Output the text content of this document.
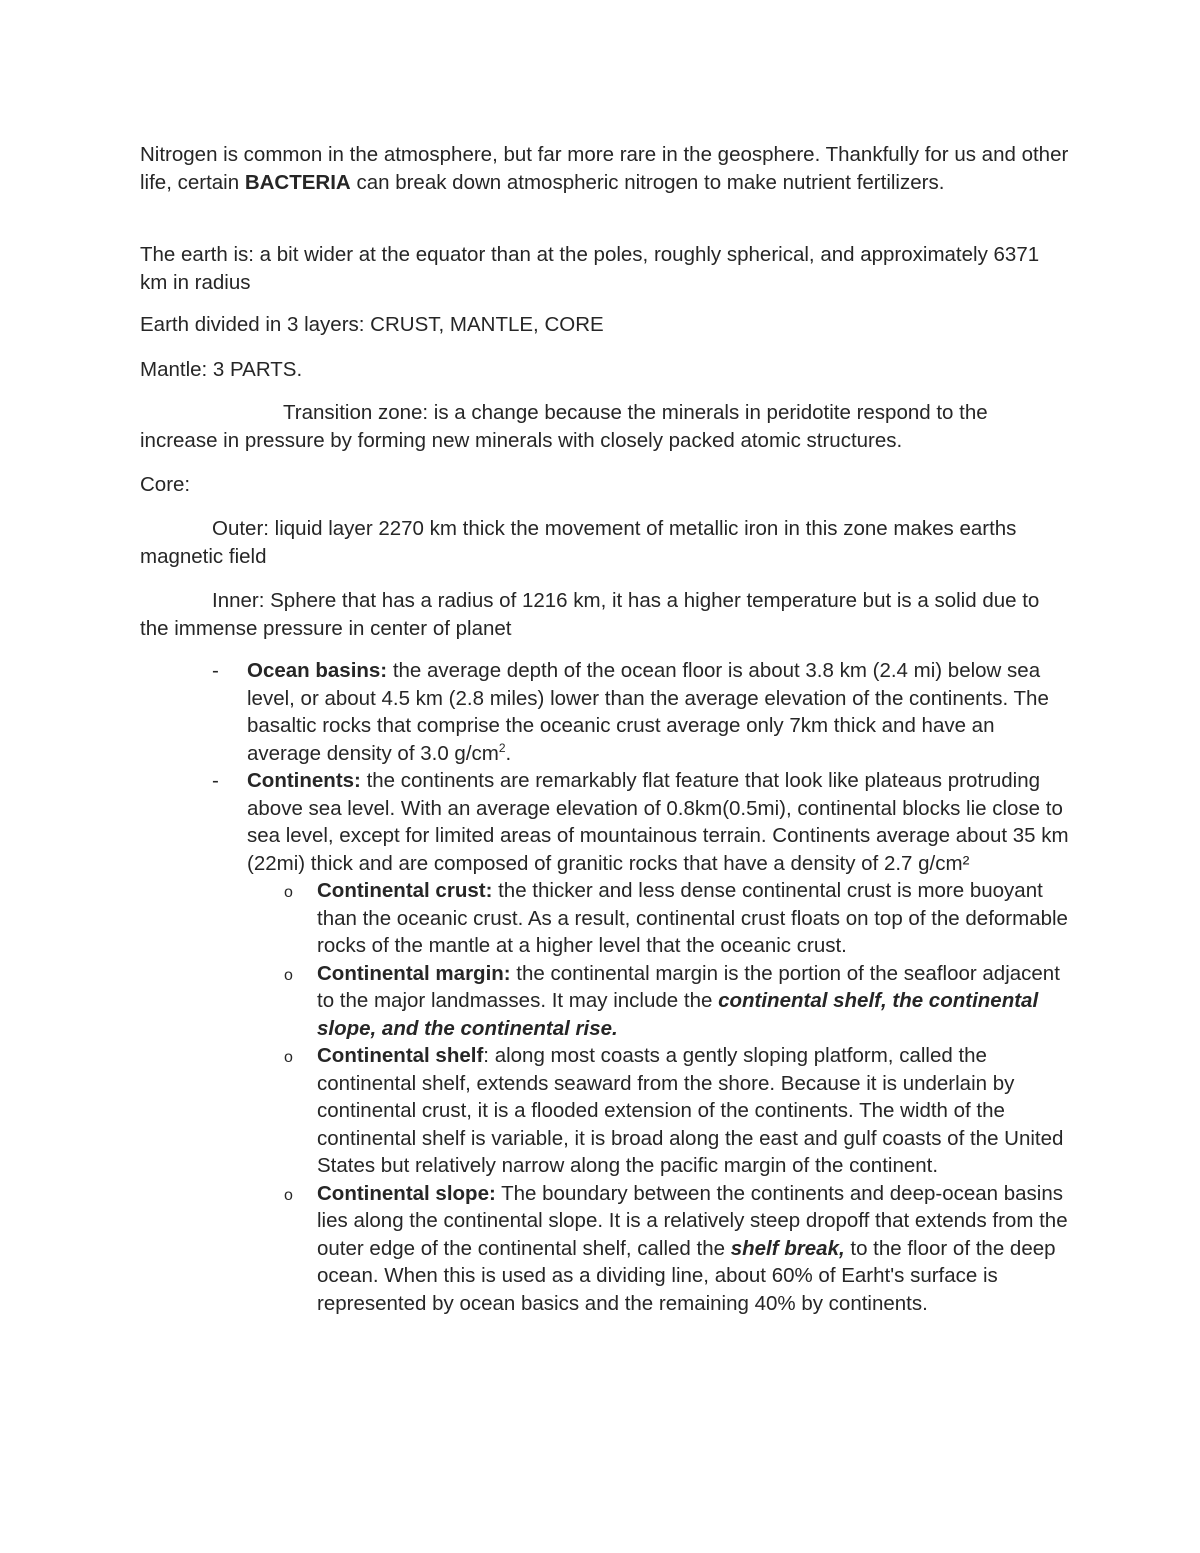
Nitrogen is common in the atmosphere, but far more rare in the geosphere. Thankfully for us and other life, certain BACTERIA can break down atmospheric nitrogen to make nutrient fertilizers.

The earth is: a bit wider at the equator than at the poles, roughly spherical, and approximately 6371 km in radius

Earth divided in 3 layers: CRUST, MANTLE, CORE

Mantle: 3 PARTS.

Transition zone: is a change because the minerals in peridotite respond to the increase in pressure by forming new minerals with closely packed atomic structures.

Core:

Outer: liquid layer 2270 km thick the movement of metallic iron in this zone makes earths magnetic field

Inner: Sphere that has a radius of 1216 km, it has a higher temperature but is a solid due to the immense pressure in center of planet

- Ocean basins: the average depth of the ocean floor is about 3.8 km (2.4 mi) below sea level, or about 4.5 km (2.8 miles) lower than the average elevation of the continents. The basaltic rocks that comprise the oceanic crust average only 7km thick and have an average density of 3.0 $g/cm^2$.
- Continents: the continents are remarkably flat feature that look like plateaus protruding above sea level. With an average elevation of 0.8km(0.5mi), continental blocks lie close to sea level, except for limited areas of mountainous terrain. Continents average about 35 km (22mi) thick and are composed of granitic rocks that have a density of 2.7 g/cm²
o Continental crust: the thicker and less dense continental crust is more buoyant than the oceanic crust. As a result, continental crust floats on top of the deformable rocks of the mantle at a higher level that the oceanic crust.
o Continental margin: the continental margin is the portion of the seafloor adjacent to the major landmasses. It may include the continental shelf, the continental slope, and the continental rise.
o Continental shelf: along most coasts a gently sloping platform, called the continental shelf, extends seaward from the shore. Because it is underlain by continental crust, it is a flooded extension of the continents. The width of the continental shelf is variable, it is broad along the east and gulf coasts of the United States but relatively narrow along the pacific margin of the continent.
o Continental slope: The boundary between the continents and deep-ocean basins lies along the continental slope. It is a relatively steep dropoff that extends from the outer edge of the continental shelf, called the shelf break, to the floor of the deep ocean. When this is used as a dividing line, about 60% of Earht's surface is represented by ocean basics and the remaining 40% by continents.
